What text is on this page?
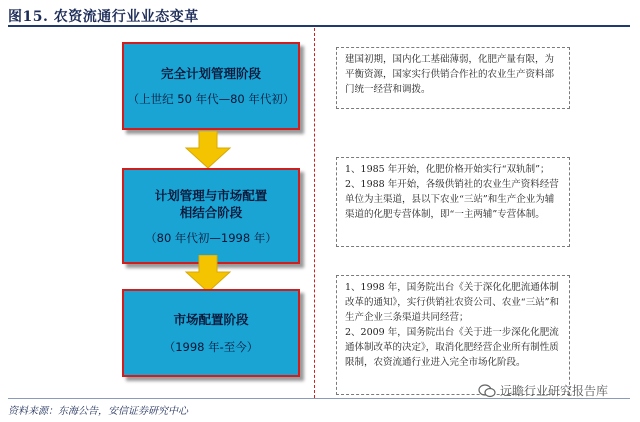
图15. 农资流通行业业态变革
完全计划管理阶段
（上世纪 50 年代—80 年代初）
计划管理与市场配置
相结合阶段
（80 年代初—1998 年）
市场配置阶段
（1998 年-至今）

建国初期，国内化工基础薄弱，化肥产量有限，为平衡资源，国家实行供销合作社的农业生产资料部门统一经营和调拨。

1、1985 年开始，化肥价格开始实行“双轨制”；

2、1988 年开始，各级供销社的农业生产资料经营单位为主渠道，县以下农业“三站”和生产企业为辅渠道的化肥专营体制，即“一主两辅”专营体制。

1、1998 年，国务院出台《关于深化化肥流通体制改革的通知》，实行供销社农资公司、农业“三站”和生产企业三条渠道共同经营；

2、2009 年，国务院出台《关于进一步深化化肥流通体制改革的决定》，取消化肥经营企业所有制性质限制，农资流通行业进入完全市场化阶段。

资料来源：东海公告，安信证券研究中心
远瞻行业研究报告库
